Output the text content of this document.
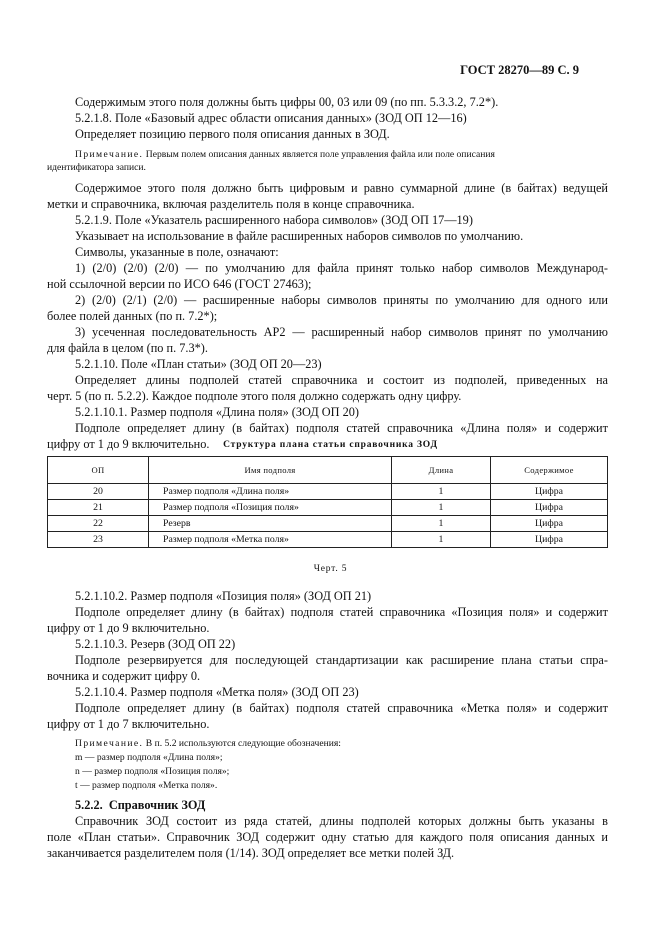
ГОСТ 28270—89 С. 9
Содержимым этого поля должны быть цифры 00, 03 или 09 (по пп. 5.3.3.2, 7.2*).
5.2.1.8. Поле «Базовый адрес области описания данных» (ЗОД ОП 12—16)
Определяет позицию первого поля описания данных в ЗОД.
Примечание. Первым полем описания данных является поле управления файла или поле описания
идентификатора записи.
Содержимое этого поля должно быть цифровым и равно суммарной длине (в байтах) ведущей
метки и справочника, включая разделитель поля в конце справочника.
5.2.1.9. Поле «Указатель расширенного набора символов» (ЗОД ОП 17—19)
Указывает на использование в файле расширенных наборов символов по умолчанию.
Символы, указанные в поле, означают:
1) (2/0) (2/0) (2/0) — по умолчанию для файла принят только набор символов Международ-
ной ссылочной версии по ИСО 646 (ГОСТ 27463);
2) (2/0) (2/1) (2/0) — расширенные наборы символов приняты по умолчанию для одного или
более полей данных (по п. 7.2*);
3) усеченная последовательность АР2 — расширенный набор символов принят по умолчанию
для файла в целом (по п. 7.3*).
5.2.1.10. Поле «План статьи» (ЗОД ОП 20—23)
Определяет длины подполей статей справочника и состоит из подполей, приведенных на
черт. 5 (по п. 5.2.2). Каждое подполе этого поля должно содержать одну цифру.
5.2.1.10.1. Размер подполя «Длина поля» (ЗОД ОП 20)
Подполе определяет длину (в байтах) подполя статей справочника «Длина поля» и содержит
цифру от 1 до 9 включительно.	Структура плана статьи справочника ЗОД
ОП	Имя подполя	Длина	Содержимое
20	Размер подполя «Длина поля»	1	Цифра
21	Размер подполя «Позиция поля»	1	Цифра
22	Резерв	1	Цифра
23	Размер подполя «Метка поля»	1	Цифра
Черт. 5
5.2.1.10.2. Размер подполя «Позиция поля» (ЗОД ОП 21)
Подполе определяет длину (в байтах) подполя статей справочника «Позиция поля» и содержит
цифру от 1 до 9 включительно.
5.2.1.10.3. Резерв (ЗОД ОП 22)
Подполе резервируется для последующей стандартизации как расширение плана статьи спра-
вочника и содержит цифру 0.
5.2.1.10.4. Размер подполя «Метка поля» (ЗОД ОП 23)
Подполе определяет длину (в байтах) подполя статей справочника «Метка поля» и содержит
цифру от 1 до 7 включительно.
Примечание. В п. 5.2 используются следующие обозначения:
m — размер подполя «Длина поля»;
n — размер подполя «Позиция поля»;
t — размер подполя «Метка поля».
5.2.2. Справочник ЗОД
Справочник ЗОД состоит из ряда статей, длины подполей которых должны быть указаны в
поле «План статьи». Справочник ЗОД содержит одну статью для каждого поля описания данных и
заканчивается разделителем поля (1/14). ЗОД определяет все метки полей ЗД.
